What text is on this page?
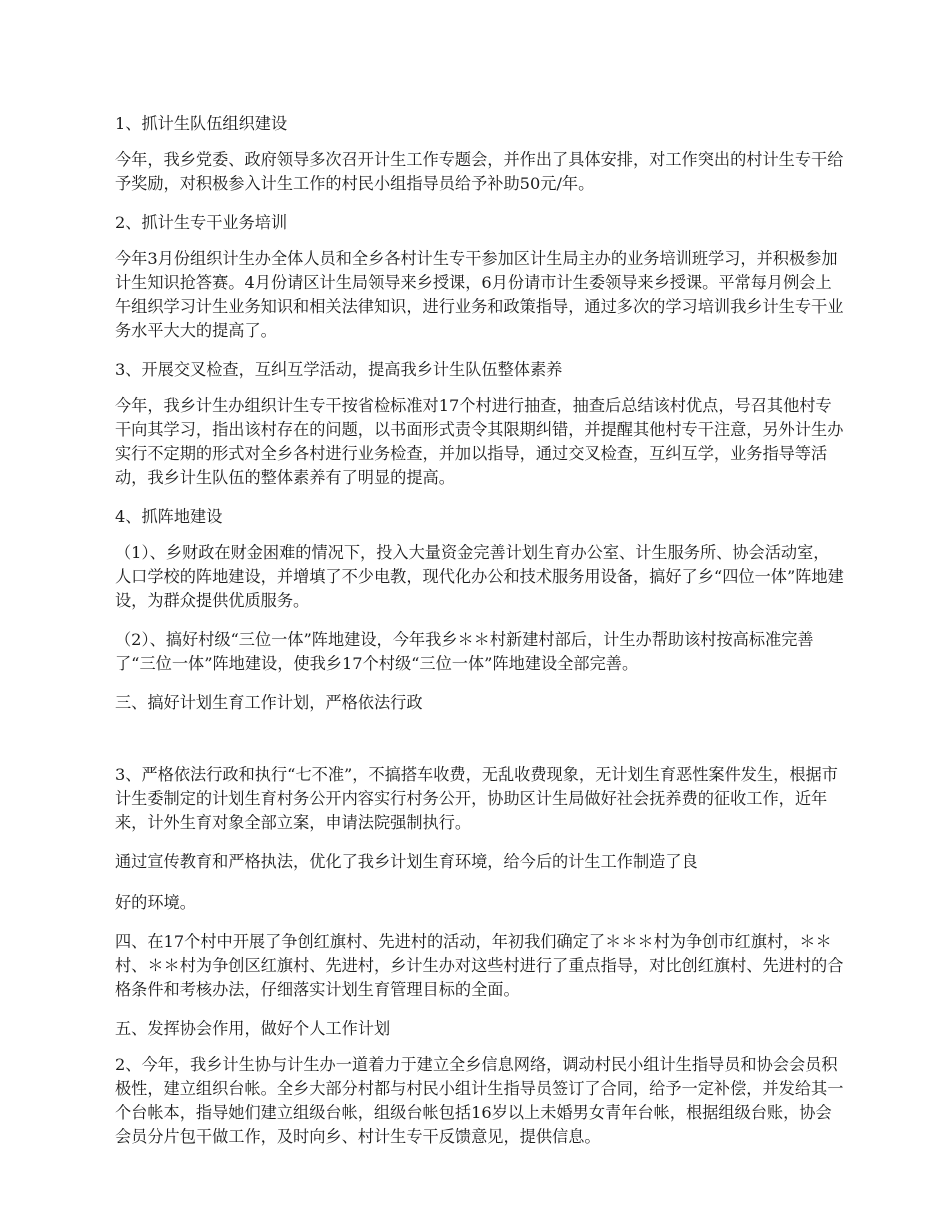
1、抓计生队伍组织建设

今年，我乡党委、政府领导多次召开计生工作专题会，并作出了具体安排，对工作突出的村计生专干给予奖励，对积极参入计生工作的村民小组指导员给予补助50元/年。

2、抓计生专干业务培训

今年3月份组织计生办全体人员和全乡各村计生专干参加区计生局主办的业务培训班学习，并积极参加计生知识抢答赛。4月份请区计生局领导来乡授课，6月份请市计生委领导来乡授课。平常每月例会上午组织学习计生业务知识和相关法律知识，进行业务和政策指导，通过多次的学习培训我乡计生专干业务水平大大的提高了。

3、开展交叉检查，互纠互学活动，提高我乡计生队伍整体素养

今年，我乡计生办组织计生专干按省检标准对17个村进行抽查，抽查后总结该村优点，号召其他村专干向其学习，指出该村存在的问题，以书面形式责令其限期纠错，并提醒其他村专干注意，另外计生办实行不定期的形式对全乡各村进行业务检查，并加以指导，通过交叉检查，互纠互学，业务指导等活动，我乡计生队伍的整体素养有了明显的提高。

4、抓阵地建设

（1）、乡财政在财金困难的情况下，投入大量资金完善计划生育办公室、计生服务所、协会活动室，人口学校的阵地建设，并增填了不少电教，现代化办公和技术服务用设备，搞好了乡“四位一体”阵地建设，为群众提供优质服务。

（2）、搞好村级“三位一体”阵地建设，今年我乡＊＊村新建村部后，计生办帮助该村按高标准完善了“三位一体”阵地建设，使我乡17个村级“三位一体”阵地建设全部完善。

三、搞好计划生育工作计划，严格依法行政

3、严格依法行政和执行“七不准”，不搞搭车收费，无乱收费现象，无计划生育恶性案件发生，根据市计生委制定的计划生育村务公开内容实行村务公开，协助区计生局做好社会抚养费的征收工作，近年来，计外生育对象全部立案，申请法院强制执行。

通过宣传教育和严格执法，优化了我乡计划生育环境，给今后的计生工作制造了良

好的环境。

四、在17个村中开展了争创红旗村、先进村的活动，年初我们确定了＊＊＊村为争创市红旗村，＊＊村、＊＊村为争创区红旗村、先进村，乡计生办对这些村进行了重点指导，对比创红旗村、先进村的合格条件和考核办法，仔细落实计划生育管理目标的全面。

五、发挥协会作用，做好个人工作计划

2、今年，我乡计生协与计生办一道着力于建立全乡信息网络，调动村民小组计生指导员和协会会员积极性，建立组织台帐。全乡大部分村都与村民小组计生指导员签订了合同，给予一定补偿，并发给其一个台帐本，指导她们建立组级台帐，组级台帐包括16岁以上未婚男女青年台帐，根据组级台账，协会会员分片包干做工作，及时向乡、村计生专干反馈意见，提供信息。
